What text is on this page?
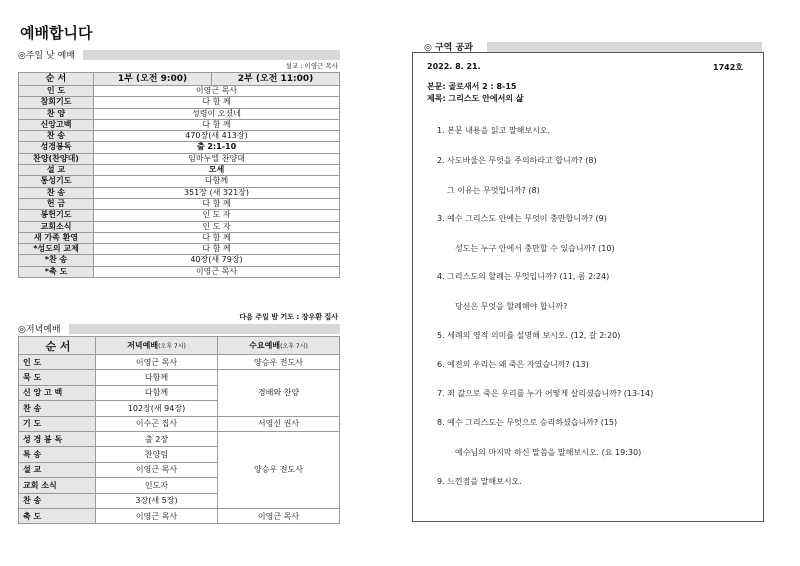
예배합니다
◎주일 낮 예배
설교 : 이영근 목사
순 서	1부 (오전 9:00)	2부 (오전 11:00)
인 도	이영근 목사	
참회기도	다 함 께	
찬 양	성령이 오셨네	
신앙고백	다 함 께	
찬 송	470장(새 413장)	
성경봉독	출 2:1-10	
찬양(찬양대)	임마누엘 찬양대	
설 교	모세	
통성기도	다함께	
찬 송	351장 (새 321장)	
헌 금	다 함 께	
봉헌기도	인 도 자	
교회소식	인 도 자	
새 가족 환영	다 함 께	
*성도의 교제	다 함 께	
*찬 송	40장(새 79장)	
*축 도	이영근 목사	
다음 주일 밤 기도 : 장우환 집사
◎저녁예배
순 서	저녁예배(오후 7시)	수요예배(오후 7시)
인 도	이영근 목사	양승우 전도사
묵 도	다함께	경배와 찬양
신 앙 고 백	다함께	
찬 송	102장(새 94장)	
기 도	이수곤 집사	서영신 권사
성 경 봉 독	출 2장	양승우 전도사
특 송	찬양팀	
설 교	이영근 목사	
교회 소식	인도자	
찬 송	3장(새 5장)	
축 도	이영근 목사	이영근 목사
◎ 구역 공과
2022. 8. 21.	1742호
본문: 골로새서 2 : 8-15
제목: 그리스도 안에서의 삶
1. 본문 내용을 읽고 말해보시오.
2. 사도바울은 무엇을 주의하라고 합니까? (8)
그 이유는 무엇입니까? (8)
3. 예수 그리스도 안에는 무엇이 충만합니까? (9)
성도는 누구 안에서 충만할 수 있습니까? (10)
4. 그리스도의 할례는 무엇입니까? (11, 롬 2:24)
당신은 무엇을 할례해야 합니까?
5. 세례의 영적 의미를 설명해 보시오. (12, 갈 2:20)
6. 예전의 우리는 왜 죽은 자였습니까? (13)
7. 죄 값으로 죽은 우리를 누가 어떻게 살리셨습니까? (13-14)
8. 예수 그리스도는 무엇으로 승리하셨습니까? (15)
예수님의 마지막 하신 말씀을 말해보시오. (요 19:30)
9. 느낀점을 말해보시오.
